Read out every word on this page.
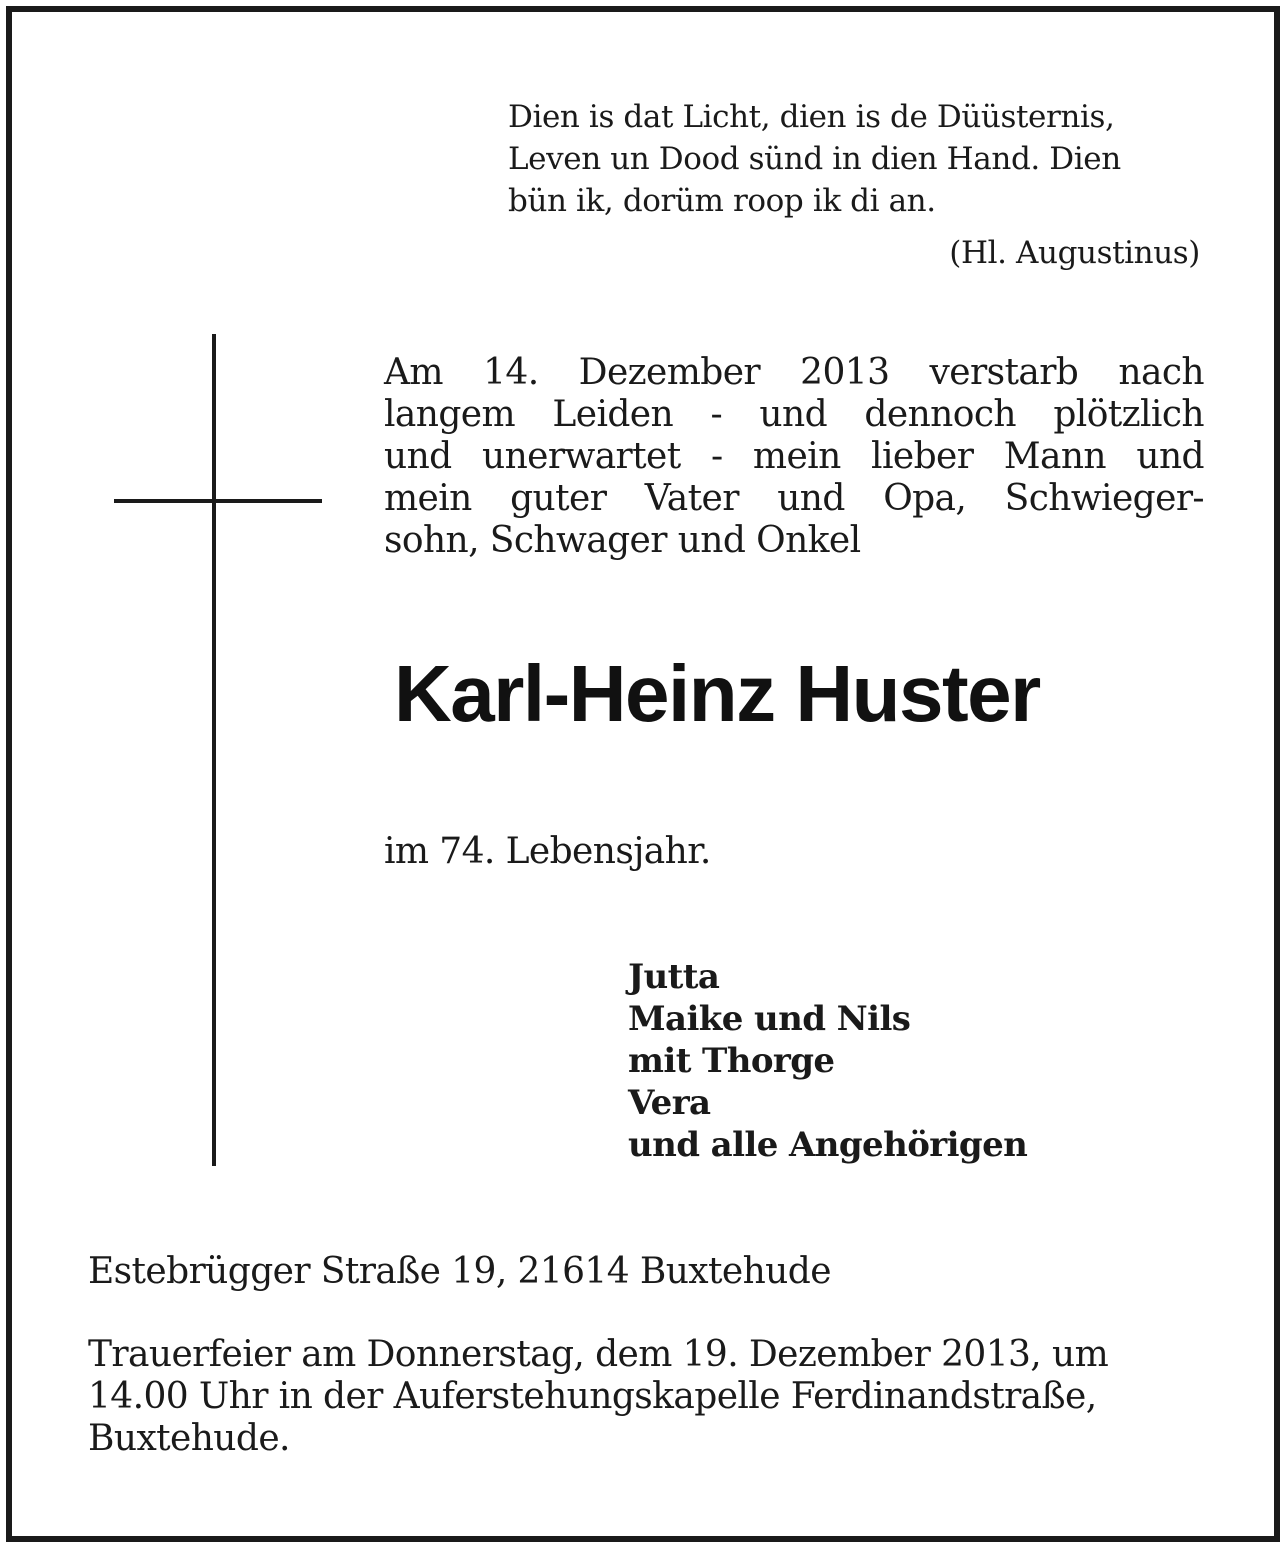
Dien is dat Licht, dien is de Düüsternis,
Leven un Dood sünd in dien Hand. Dien
bün ik, dorüm roop ik di an.
(Hl. Augustinus)
Am 14. Dezember 2013 verstarb nach
langem Leiden - und dennoch plötzlich
und unerwartet - mein lieber Mann und
mein guter Vater und Opa, Schwieger-
sohn, Schwager und Onkel
Karl-Heinz Huster
im 74. Lebensjahr.
Jutta
Maike und Nils
mit Thorge
Vera
und alle Angehörigen
Estebrügger Straße 19, 21614 Buxtehude
Trauerfeier am Donnerstag, dem 19. Dezember 2013, um
14.00 Uhr in der Auferstehungskapelle Ferdinandstraße,
Buxtehude.
